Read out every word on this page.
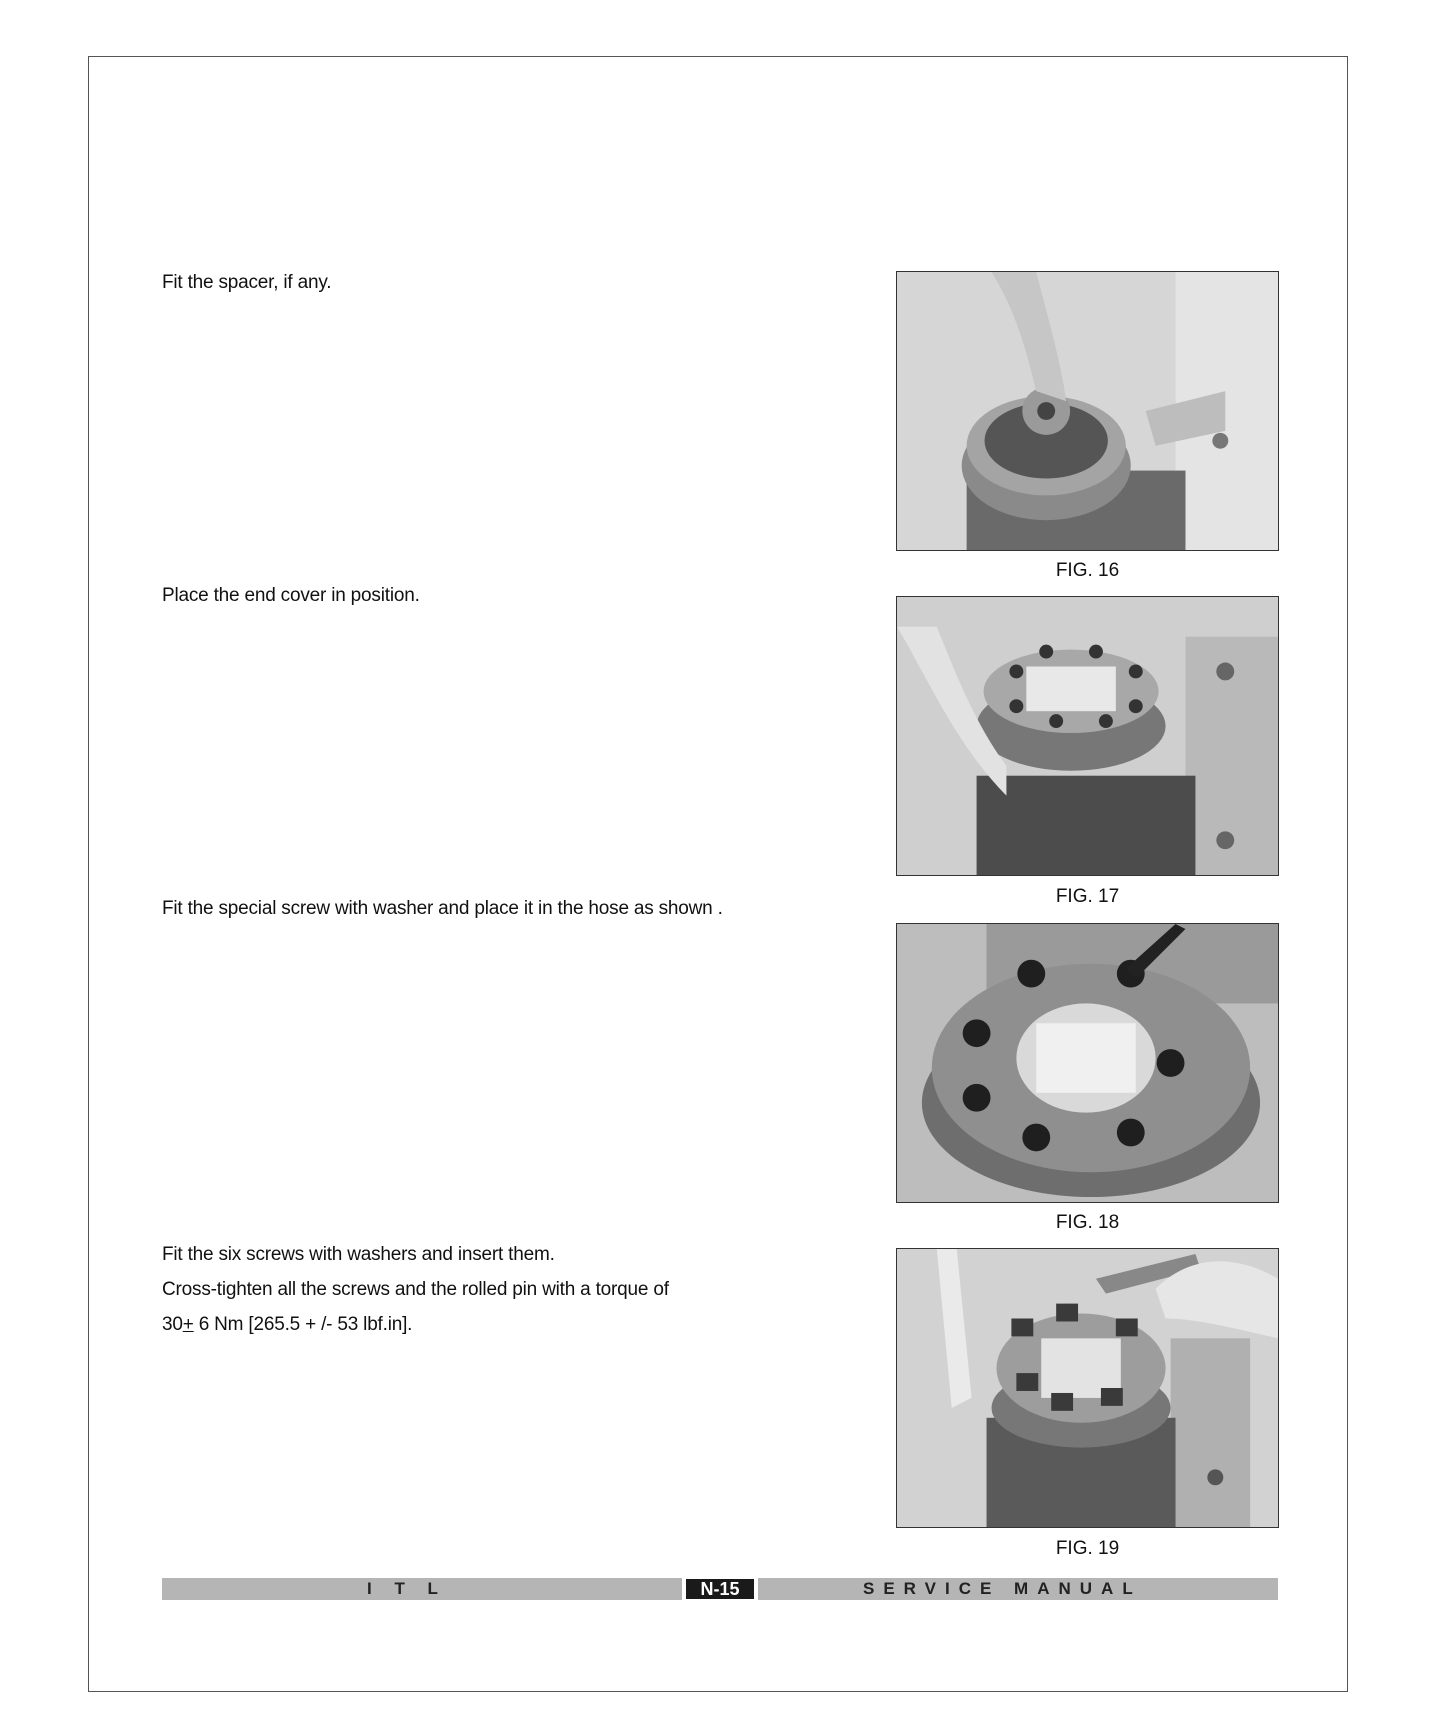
Fit the spacer, if any.

Place the end cover in position.

Fit the special screw with washer and place it in the hose as shown .

Fit the six screws with washers and insert them.

Cross-tighten all the screws and the rolled pin with a torque of

30+ 6 Nm [265.5 + /- 53 lbf.in].

FIG. 16
FIG. 17
FIG. 18
FIG. 19
I T L	N-15	SERVICE MANUAL
